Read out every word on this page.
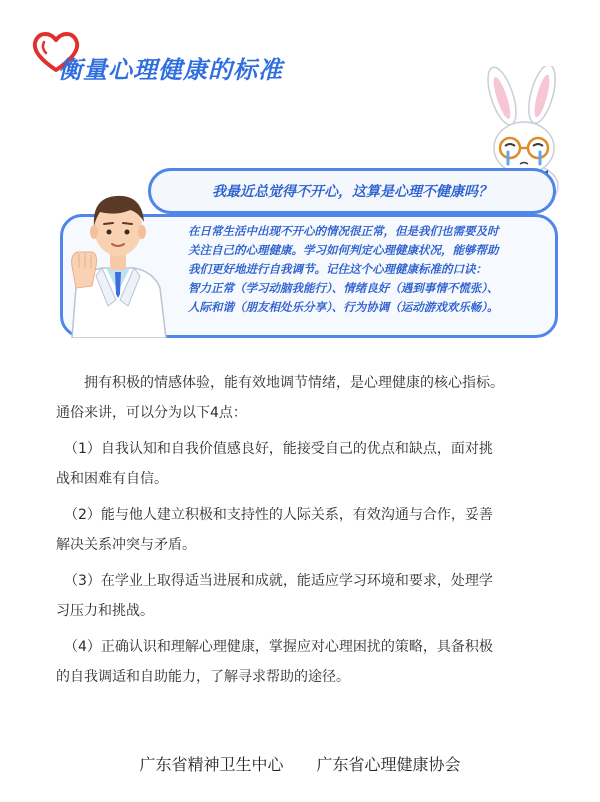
衡量心理健康的标准
我最近总觉得不开心，这算是心理不健康吗？
在日常生活中出现不开心的情况很正常，但是我们也需要及时
关注自己的心理健康。学习如何判定心理健康状况，能够帮助
我们更好地进行自我调节。记住这个心理健康标准的口诀：
智力正常（学习动脑我能行）、情绪良好（遇到事情不慌张）、
人际和谐（朋友相处乐分享）、行为协调（运动游戏欢乐畅）。

拥有积极的情感体验，能有效地调节情绪，是心理健康的核心指标。
通俗来讲，可以分为以下4点：

（1）自我认知和自我价值感良好，能接受自己的优点和缺点，面对挑
战和困难有自信。

（2）能与他人建立积极和支持性的人际关系，有效沟通与合作，妥善
解决关系冲突与矛盾。

（3）在学业上取得适当进展和成就，能适应学习环境和要求，处理学
习压力和挑战。

（4）正确认识和理解心理健康，掌握应对心理困扰的策略，具备积极
的自我调适和自助能力，了解寻求帮助的途径。

广东省精神卫生中心 广东省心理健康协会
